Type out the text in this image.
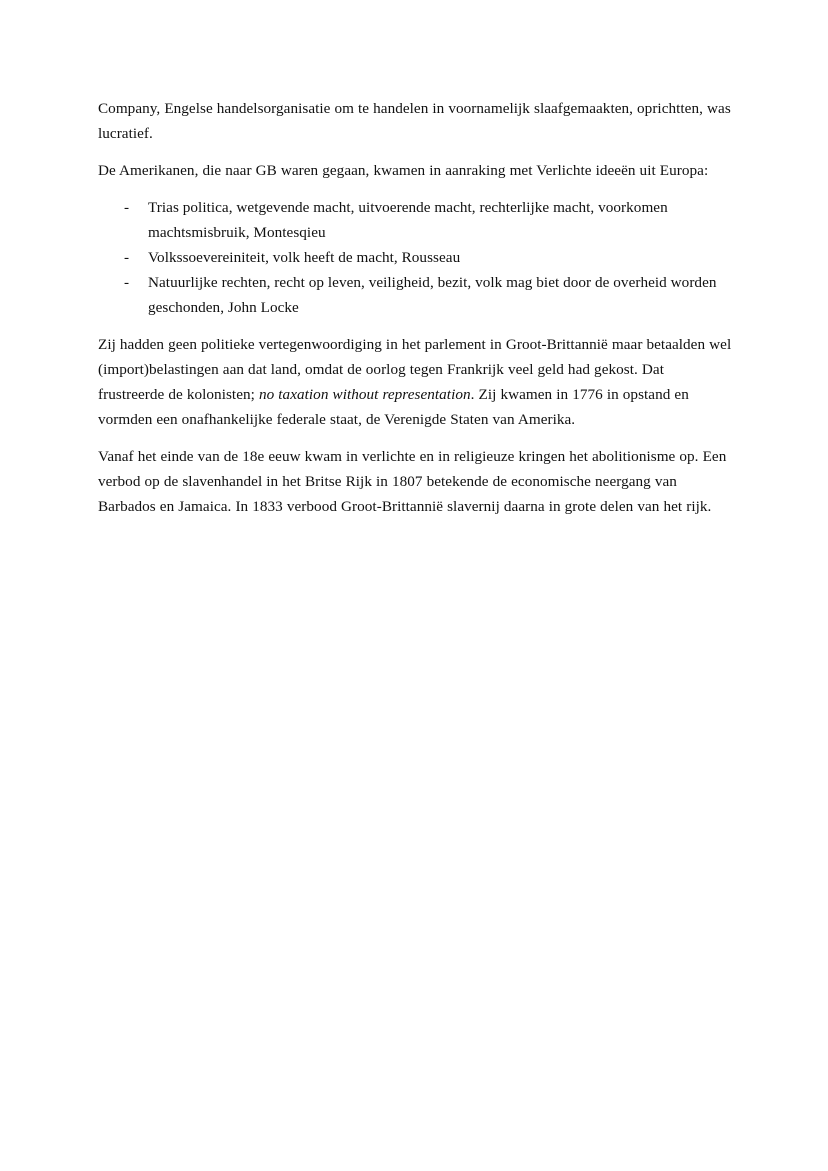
Company, Engelse handelsorganisatie om te handelen in voornamelijk slaafgemaakten, oprichtten, was lucratief.

De Amerikanen, die naar GB waren gegaan, kwamen in aanraking met Verlichte ideeën uit Europa:

- Trias politica, wetgevende macht, uitvoerende macht, rechterlijke macht, voorkomen machtsmisbruik, Montesqieu
- Volkssoevereiniteit, volk heeft de macht, Rousseau
- Natuurlijke rechten, recht op leven, veiligheid, bezit, volk mag biet door de overheid worden geschonden, John Locke

Zij hadden geen politieke vertegenwoordiging in het parlement in Groot-Brittannië maar betaalden wel (import)belastingen aan dat land, omdat de oorlog tegen Frankrijk veel geld had gekost. Dat frustreerde de kolonisten; no taxation without representation. Zij kwamen in 1776 in opstand en vormden een onafhankelijke federale staat, de Verenigde Staten van Amerika.

Vanaf het einde van de 18e eeuw kwam in verlichte en in religieuze kringen het abolitionisme op. Een verbod op de slavenhandel in het Britse Rijk in 1807 betekende de economische neergang van Barbados en Jamaica. In 1833 verbood Groot-Brittannië slavernij daarna in grote delen van het rijk.
